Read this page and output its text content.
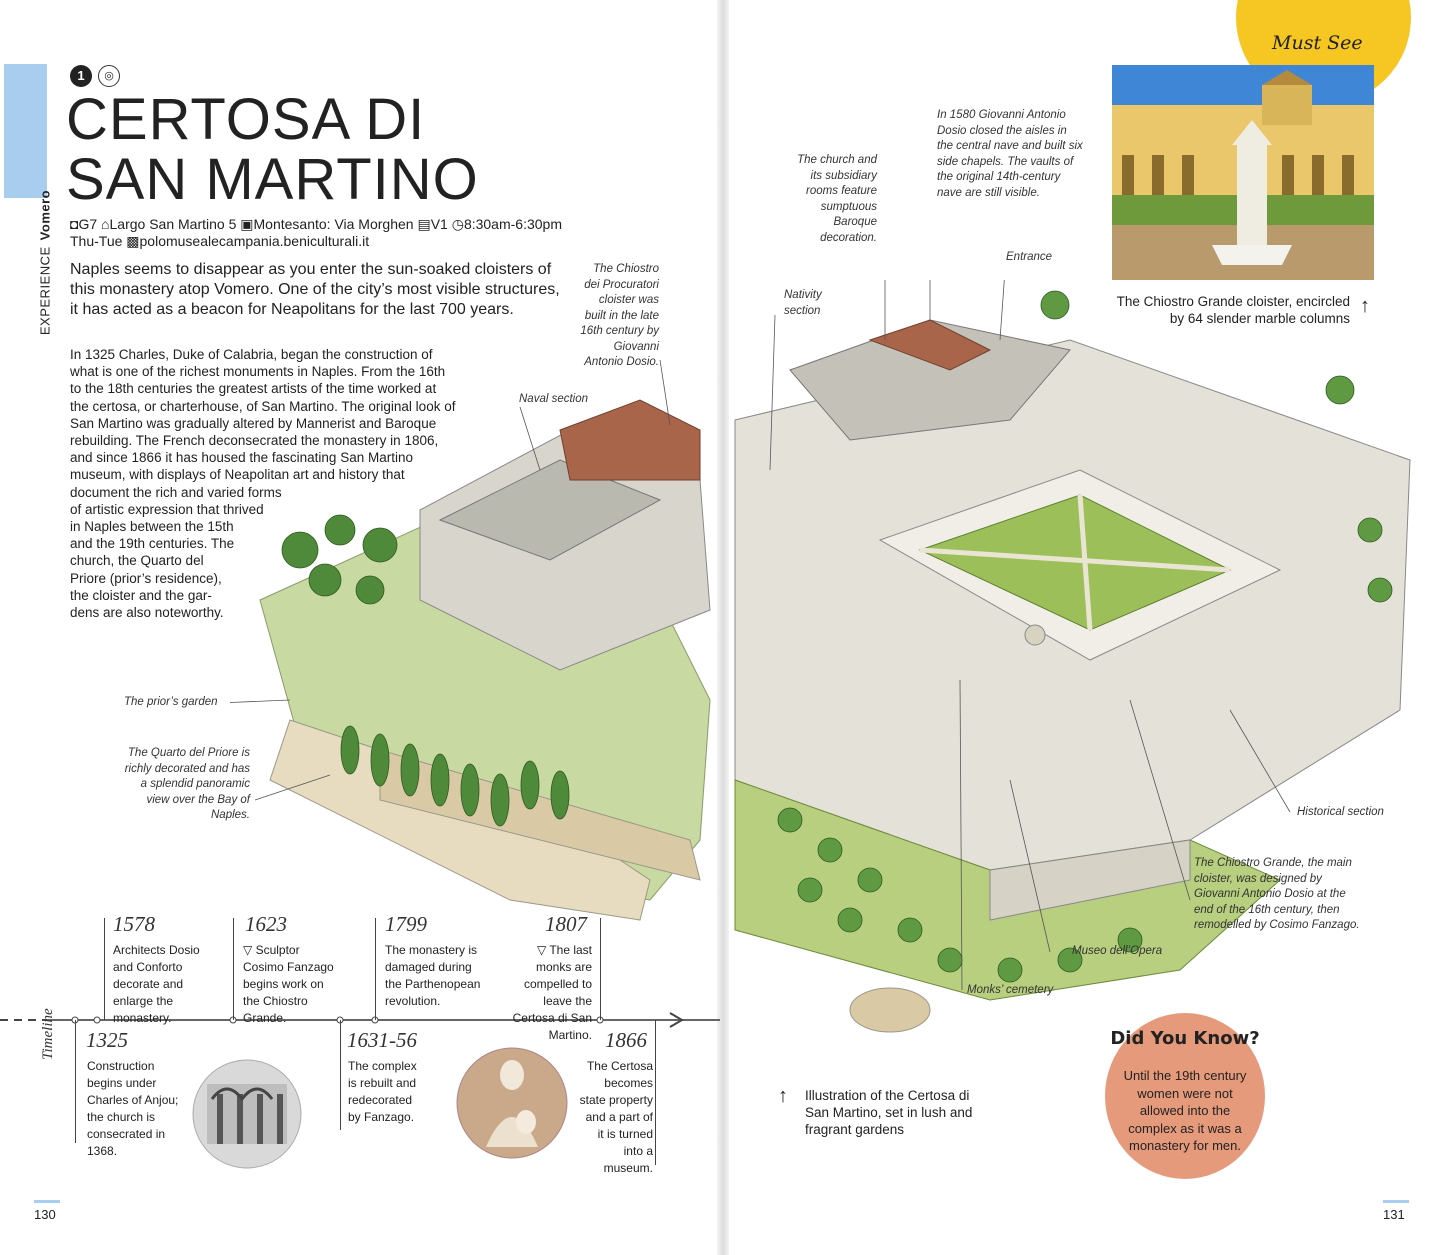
EXPERIENCEVomero
1	◎
CERTOSA DI
SAN MARTINO
◘G7 ⌂Largo San Martino 5 ▣Montesanto: Via Morghen ▤V1 ◷8:30am-6:30pm Thu-Tue ▩polomusealecampania.beniculturali.it
Naples seems to disappear as you enter the sun-soaked cloisters of this monastery atop Vomero. One of the city’s most visible structures, it has acted as a beacon for Neapolitans for the last 700 years.

In 1325 Charles, Duke of Calabria, began the construction of

what is one of the richest monuments in Naples. From the 16th

to the 18th centuries the greatest artists of the time worked at

the certosa, or charterhouse, of San Martino. The original look of

San Martino was gradually altered by Mannerist and Baroque

rebuilding. The French deconsecrated the monastery in 1806,

and since 1866 it has housed the fascinating San Martino

museum, with displays of Neapolitan art and history that

document the rich and varied forms

of artistic expression that thrived

in Naples between the 15th

and the 19th centuries. The

church, the Quarto del

Priore (prior’s residence),

the cloister and the gar-

dens are also noteworthy.

The Chiostro dei Procuratori cloister was built in the late 16th century by Giovanni Antonio Dosio.
Naval section
The church and its subsidiary rooms feature sumptuous Baroque decoration.
In 1580 Giovanni Antonio Dosio closed the aisles in the central nave and built six side chapels. The vaults of the original 14th-century nave are still visible.
Entrance
Nativity section
The prior’s garden
The Quarto del Priore is richly decorated and has a splendid panoramic view over the Bay of Naples.	Historical section
The Chiostro Grande, the main cloister, was designed by Giovanni Antonio Dosio at the end of the 16th century, then remodelled by Cosimo Fanzago.
Museo dell’Opera
Monks’ cemetery
Must See
The Chiostro Grande cloister, encircled by 64 slender marble columns
↑
↑ Illustration of the Certosa di San Martino, set in lush and fragrant gardens
Timeline
1578
Architects Dosio and Conforto decorate and enlarge the monastery.
1623
▽ Sculptor Cosimo Fanzago begins work on the Chiostro Grande.
1799
The monastery is damaged during the Parthenopean revolution.
1807
▽ The last monks are compelled to leave the Certosa di San Martino.
1325
Construction begins under Charles of Anjou; the church is consecrated in 1368.
1631-56
The complex is rebuilt and redecorated by Fanzago.
1866
The Certosa becomes state property and a part of it is turned into a museum.
Did You Know?
Until the 19th century women were not allowed into the complex as it was a monastery for men.
130	131
